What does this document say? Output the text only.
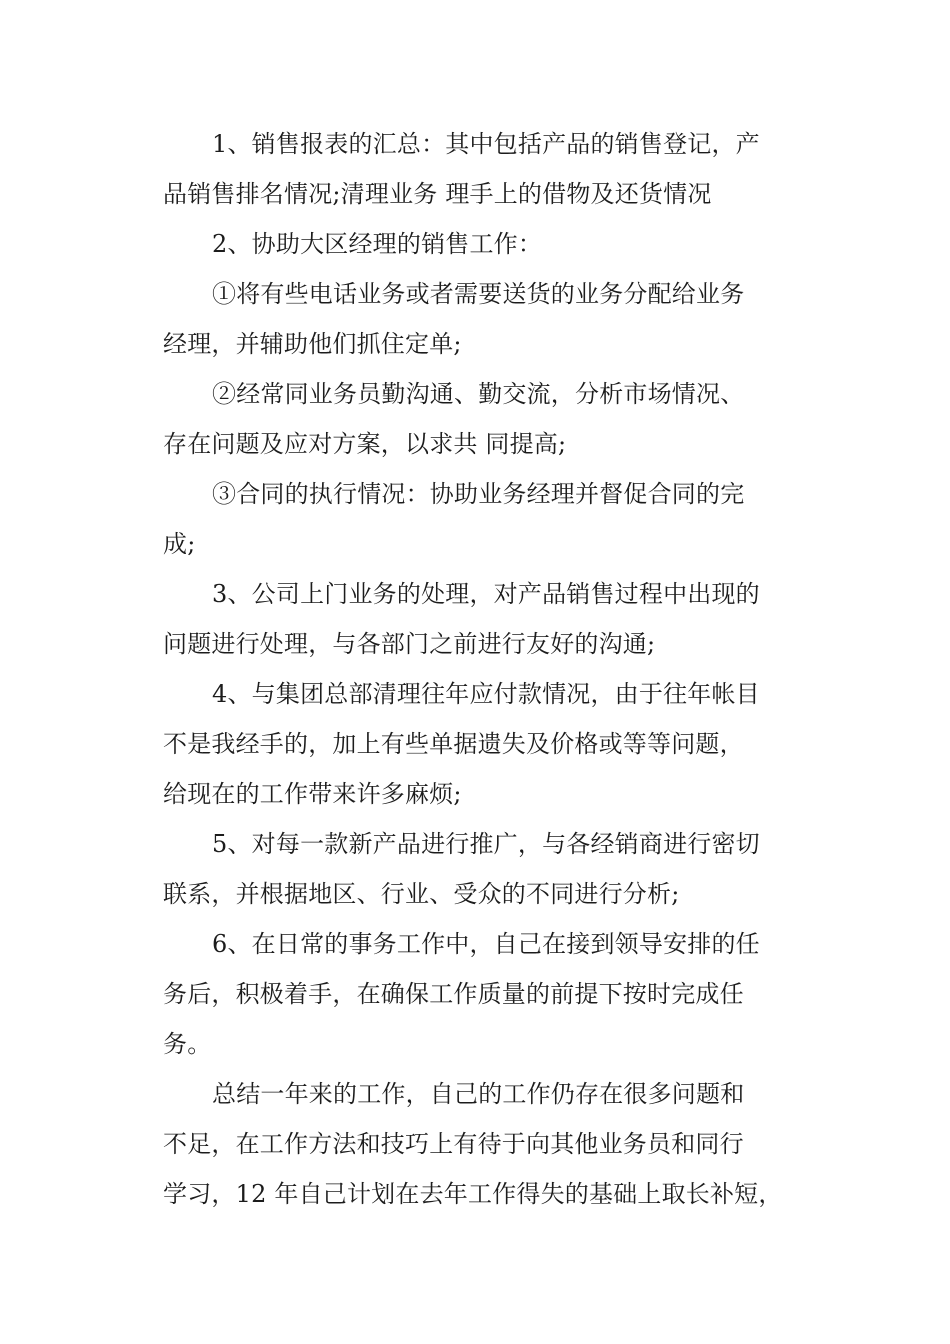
1、销售报表的汇总：其中包括产品的销售登记，产
品销售排名情况;清理业务 理手上的借物及还货情况
2、协助大区经理的销售工作：
①将有些电话业务或者需要送货的业务分配给业务
经理，并辅助他们抓住定单;
②经常同业务员勤沟通、勤交流，分析市场情况、
存在问题及应对方案，以求共 同提高;
③合同的执行情况：协助业务经理并督促合同的完
成;
3、公司上门业务的处理，对产品销售过程中出现的
问题进行处理，与各部门之前进行友好的沟通;
4、与集团总部清理往年应付款情况，由于往年帐目
不是我经手的，加上有些单据遗失及价格或等等问题，
给现在的工作带来许多麻烦;
5、对每一款新产品进行推广，与各经销商进行密切
联系，并根据地区、行业、受众的不同进行分析;
6、在日常的事务工作中，自己在接到领导安排的任
务后，积极着手，在确保工作质量的前提下按时完成任
务。
总结一年来的工作，自己的工作仍存在很多问题和
不足，在工作方法和技巧上有待于向其他业务员和同行
学习，12 年自己计划在去年工作得失的基础上取长补短，
